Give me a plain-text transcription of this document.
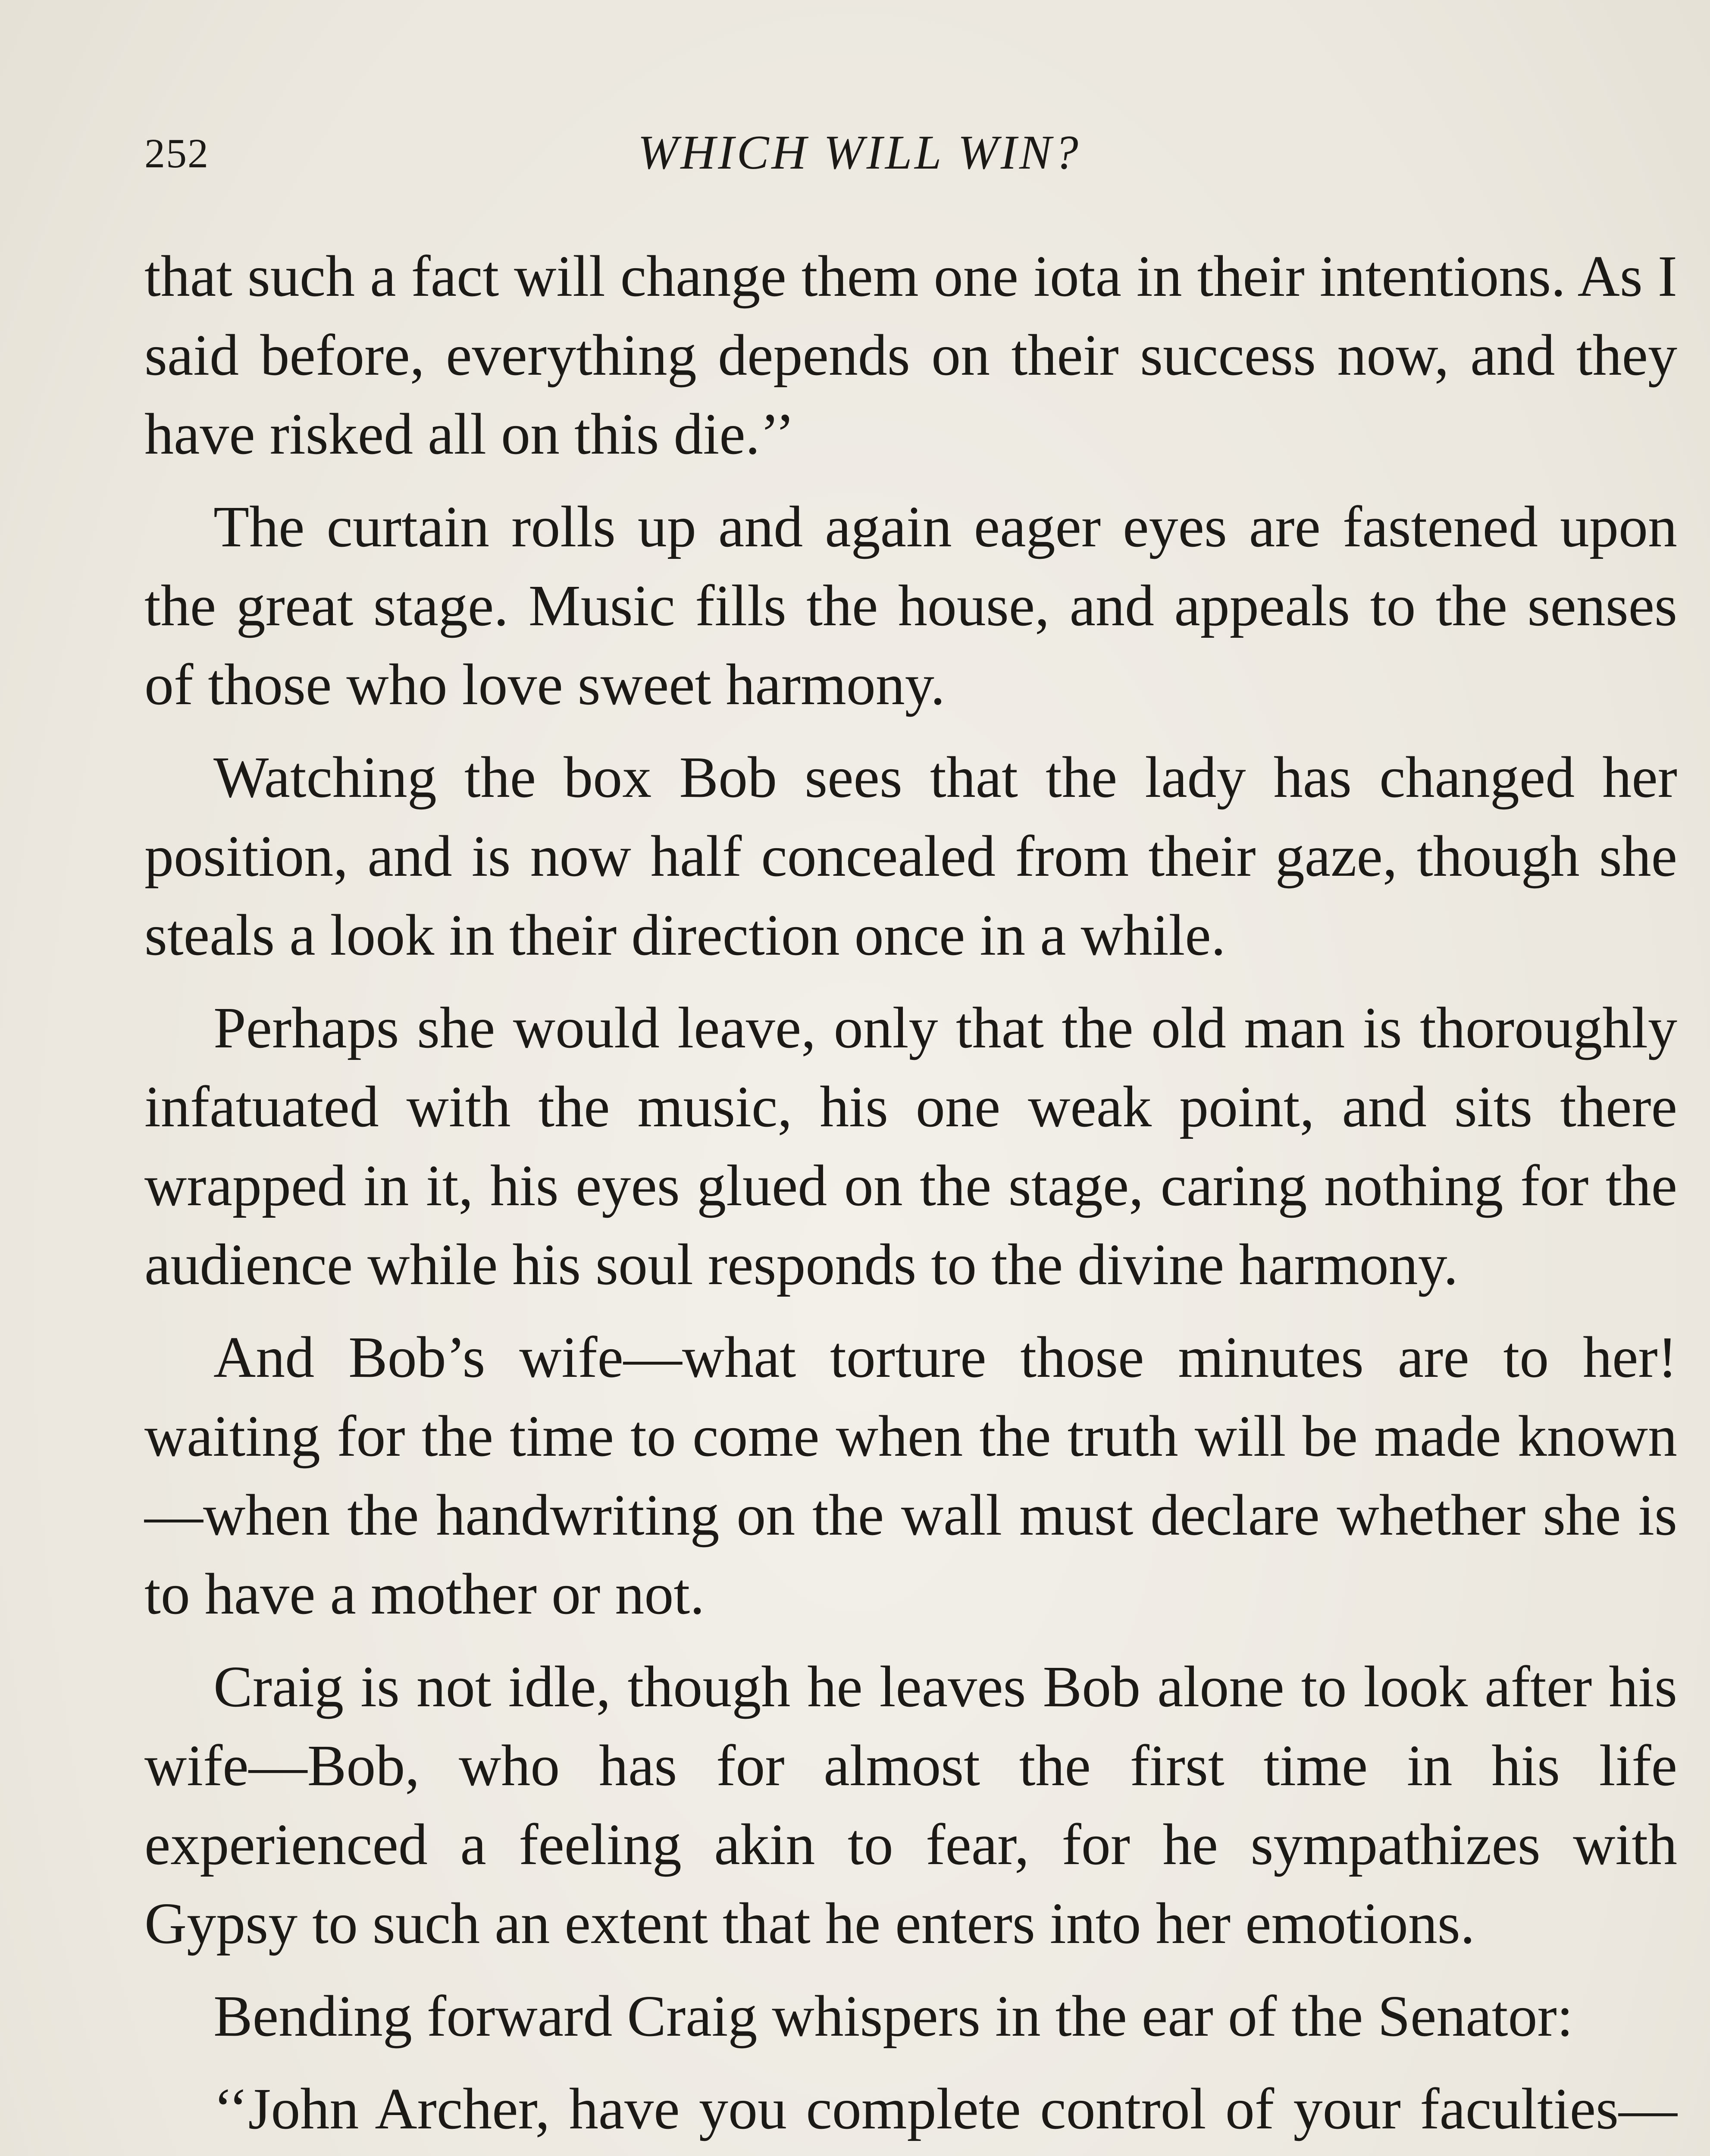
252	WHICH WILL WIN?

that such a fact will change them one iota in their intentions. As I said before, everything depends on their success now, and they have risked all on this die.’’

The curtain rolls up and again eager eyes are fastened upon the great stage. Music fills the house, and appeals to the senses of those who love sweet harmony.

Watching the box Bob sees that the lady has changed her position, and is now half concealed from their gaze, though she steals a look in their direction once in a while.

Perhaps she would leave, only that the old man is thoroughly infatuated with the music, his one weak point, and sits there wrapped in it, his eyes glued on the stage, caring nothing for the audience while his soul responds to the divine harmony.

And Bob’s wife—what torture those minutes are to her! waiting for the time to come when the truth will be made known—when the handwriting on the wall must declare whether she is to have a mother or not.

Craig is not idle, though he leaves Bob alone to look after his wife—Bob, who has for almost the first time in his life experienced a feeling akin to fear, for he sympathizes with Gypsy to such an extent that he enters into her emotions.

Bending forward Craig whispers in the ear of the Senator:

‘‘John Archer, have you complete control of your faculties—
